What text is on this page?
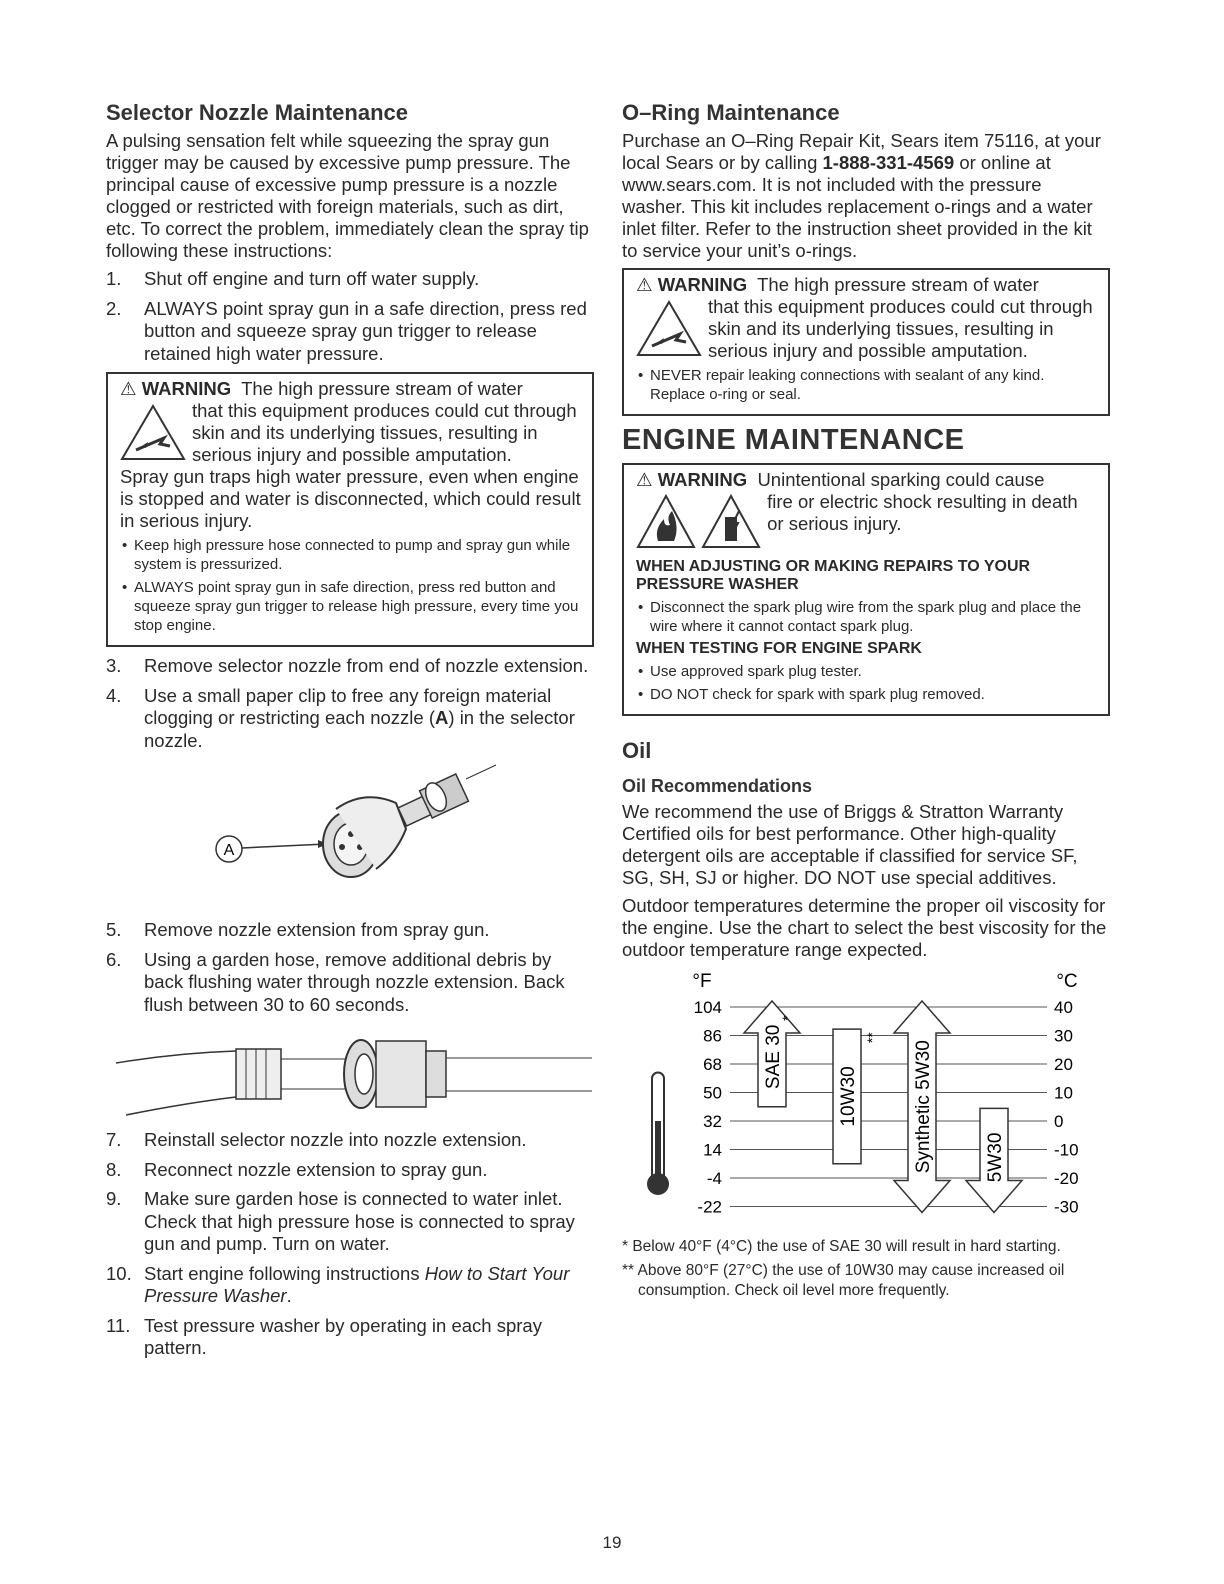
Selector Nozzle Maintenance

A pulsing sensation felt while squeezing the spray gun trigger may be caused by excessive pump pressure. The principal cause of excessive pump pressure is a nozzle clogged or restricted with foreign materials, such as dirt, etc. To correct the problem, immediately clean the spray tip following these instructions:

1. Shut off engine and turn off water supply.
2. ALWAYS point spray gun in a safe direction, press red button and squeeze spray gun trigger to release retained high water pressure.
⚠ WARNING The high pressure stream of water
that this equipment produces could cut through skin and its underlying tissues, resulting in serious injury and possible amputation.
Spray gun traps high water pressure, even when engine is stopped and water is disconnected, which could result in serious injury.
• Keep high pressure hose connected to pump and spray gun while system is pressurized.
• ALWAYS point spray gun in safe direction, press red button and squeeze spray gun trigger to release high pressure, every time you stop engine.
3. Remove selector nozzle from end of nozzle extension.
4. Use a small paper clip to free any foreign material clogging or restricting each nozzle (A) in the selector nozzle.
A
5. Remove nozzle extension from spray gun.
6. Using a garden hose, remove additional debris by back flushing water through nozzle extension. Back flush between 30 to 60 seconds.
7. Reinstall selector nozzle into nozzle extension.
8. Reconnect nozzle extension to spray gun.
9. Make sure garden hose is connected to water inlet. Check that high pressure hose is connected to spray gun and pump. Turn on water.
10. Start engine following instructions How to Start Your Pressure Washer.
11. Test pressure washer by operating in each spray pattern.
O–Ring Maintenance

Purchase an O–Ring Repair Kit, Sears item 75116, at your local Sears or by calling 1-888-331-4569 or online at www.sears.com. It is not included with the pressure washer. This kit includes replacement o-rings and a water inlet filter. Refer to the instruction sheet provided in the kit to service your unit’s o-rings.

⚠ WARNING The high pressure stream of water
that this equipment produces could cut through skin and its underlying tissues, resulting in serious injury and possible amputation.
• NEVER repair leaking connections with sealant of any kind. Replace o-ring or seal.
ENGINE MAINTENANCE
⚠ WARNING Unintentional sparking could cause

fire or electric shock resulting in death or serious injury.
WHEN ADJUSTING OR MAKING REPAIRS TO YOUR PRESSURE WASHER
• Disconnect the spark plug wire from the spark plug and place the wire where it cannot contact spark plug.
WHEN TESTING FOR ENGINE SPARK
• Use approved spark plug tester.
• DO NOT check for spark with spark plug removed.
Oil
Oil Recommendations

We recommend the use of Briggs & Stratton Warranty Certified oils for best performance. Other high-quality detergent oils are acceptable if classified for service SF, SG, SH, SJ or higher. DO NOT use special additives.

Outdoor temperatures determine the proper oil viscosity for the engine. Use the chart to select the best viscosity for the outdoor temperature range expected.

°F	°C
104	40
86	30
68	20
50	10
32	0
14	-10
-4	-20
-22	-30
SAE 30
*
10W30
**
Synthetic 5W30	5W30

* Below 40°F (4°C) the use of SAE 30 will result in hard starting.

** Above 80°F (27°C) the use of 10W30 may cause increased oil consumption. Check oil level more frequently.

19
